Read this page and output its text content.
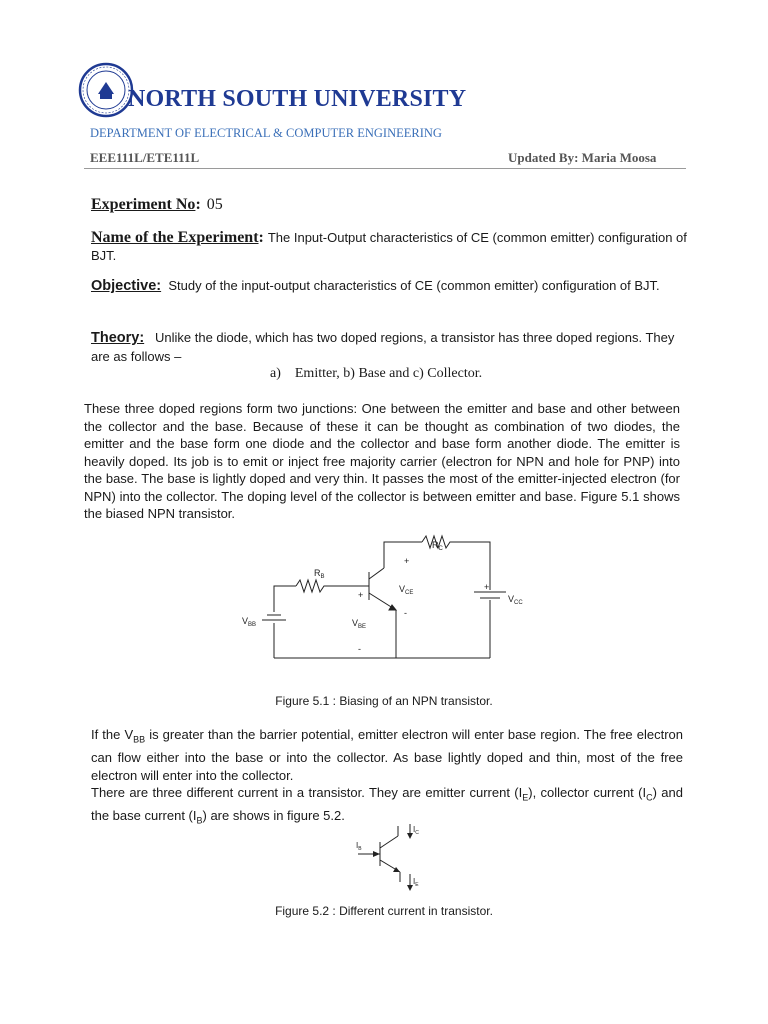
NORTH SOUTH UNIVERSITY
DEPARTMENT OF ELECTRICAL & COMPUTER ENGINEERING
EEE111L/ETE111L	Updated By: Maria Moosa
Experiment No: 05
Name of the Experiment: The Input-Output characteristics of CE (common emitter) configuration of BJT.
Objective: Study of the input-output characteristics of CE (common emitter) configuration of BJT.
Theory: Unlike the diode, which has two doped regions, a transistor has three doped regions. They are as follows –
a)    Emitter, b) Base and c) Collector.
These three doped regions form two junctions: One between the emitter and base and other between the collector and the base. Because of these it can be thought as combination of two diodes, the emitter and the base form one diode and the collector and base form another diode. The emitter is heavily doped. Its job is to emit or inject free majority carrier (electron for NPN and hole for PNP) into the base. The base is lightly doped and very thin. It passes the most of the emitter-injected electron (for NPN) into the collector. The doping level of the collector is between emitter and base. Figure 5.1 shows the biased NPN transistor.
$R_B$
$R_C$
$V_{CE}$
$V_{BE}$
$V_{BB}$
$V_{CC}$
+
+
+
-
-
Figure 5.1 : Biasing of an NPN transistor.
If the $V_{BB}$ is greater than the barrier potential, emitter electron will enter base region. The free electron can flow either into the base or into the collector. As base lightly doped and thin, most of the free electron will enter into the collector.
There are three different current in a transistor. They are emitter current $(I_E)$, collector current $(I_C)$ and the base current $(I_B)$ are shows in figure 5.2.
$I_B$
$I_C$
$I_E$
Figure 5.2 : Different current in transistor.
